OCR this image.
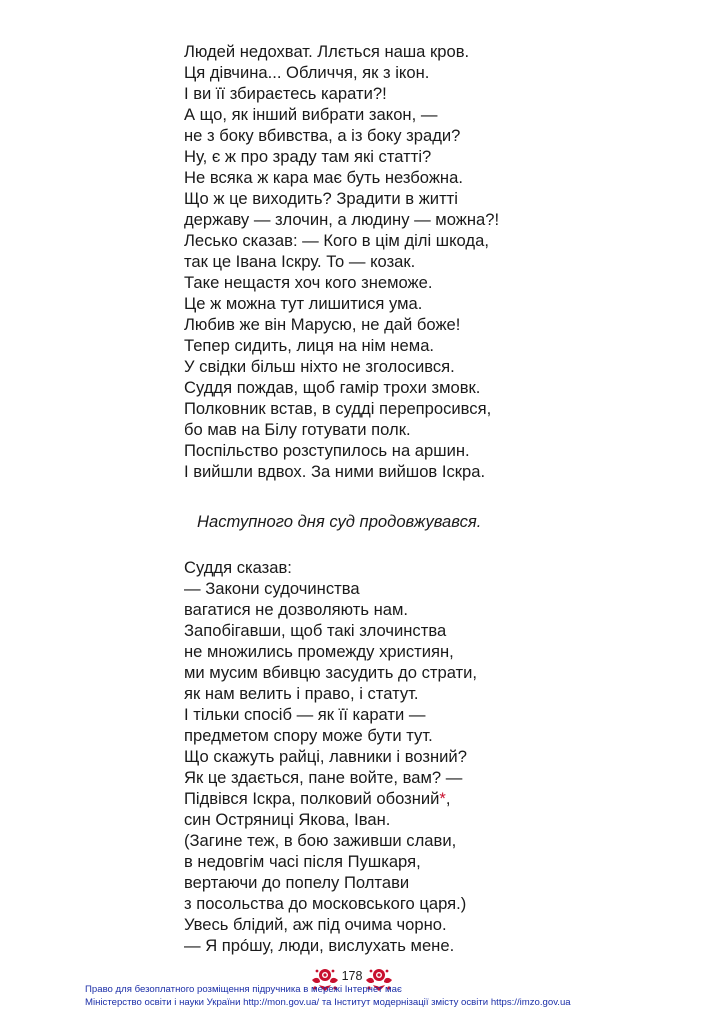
Людей недохват. Ллється наша кров.
Ця дівчина... Обличчя, як з ікон.
І ви її збираєтесь карати?!
А що, як інший вибрати закон, —
не з боку вбивства, а із боку зради?
Ну, є ж про зраду там які статті?
Не всяка ж кара має буть незбожна.
Що ж це виходить? Зрадити в житті
державу — злочин, а людину — можна?!
Лесько сказав: — Кого в цім ділі шкода,
так це Івана Іскру. То — козак.
Таке нещастя хоч кого знеможе.
Це ж можна тут лишитися ума.
Любив же він Марусю, не дай боже!
Тепер сидить, лиця на нім нема.
У свідки більш ніхто не зголосився.
Суддя пождав, щоб гамір трохи змовк.
Полковник встав, в судді перепросився,
бо мав на Білу готувати полк.
Поспільство розступилось на аршин.
І вийшли вдвох. За ними вийшов Іскра.
Наступного дня суд продовжувався.
Суддя сказав:
— Закони судочинства
вагатися не дозволяють нам.
Запобігавши, щоб такі злочинства
не множились промежду християн,
ми мусим вбивцю засудить до страти,
як нам велить і право, і статут.
І тільки спосіб — як її карати —
предметом спору може бути тут.
Що скажуть райці, лавники і возний?
Як це здається, пане войте, вам? —
Підвівся Іскра, полковий обозний*,
син Остряниці Якова, Іван.
(Загине теж, в бою заживши слави,
в недовгім часі після Пушкаря,
вертаючи до попелу Полтави
з посольства до московського царя.)
Увесь блідий, аж під очима чорно.
— Я прóшу, люди, вислухать мене.
178
Право для безоплатного розміщення підручника в мережі Інтернет має
Міністерство освіти і науки України http://mon.gov.ua/ та Інститут модернізації змісту освіти https://imzo.gov.ua
